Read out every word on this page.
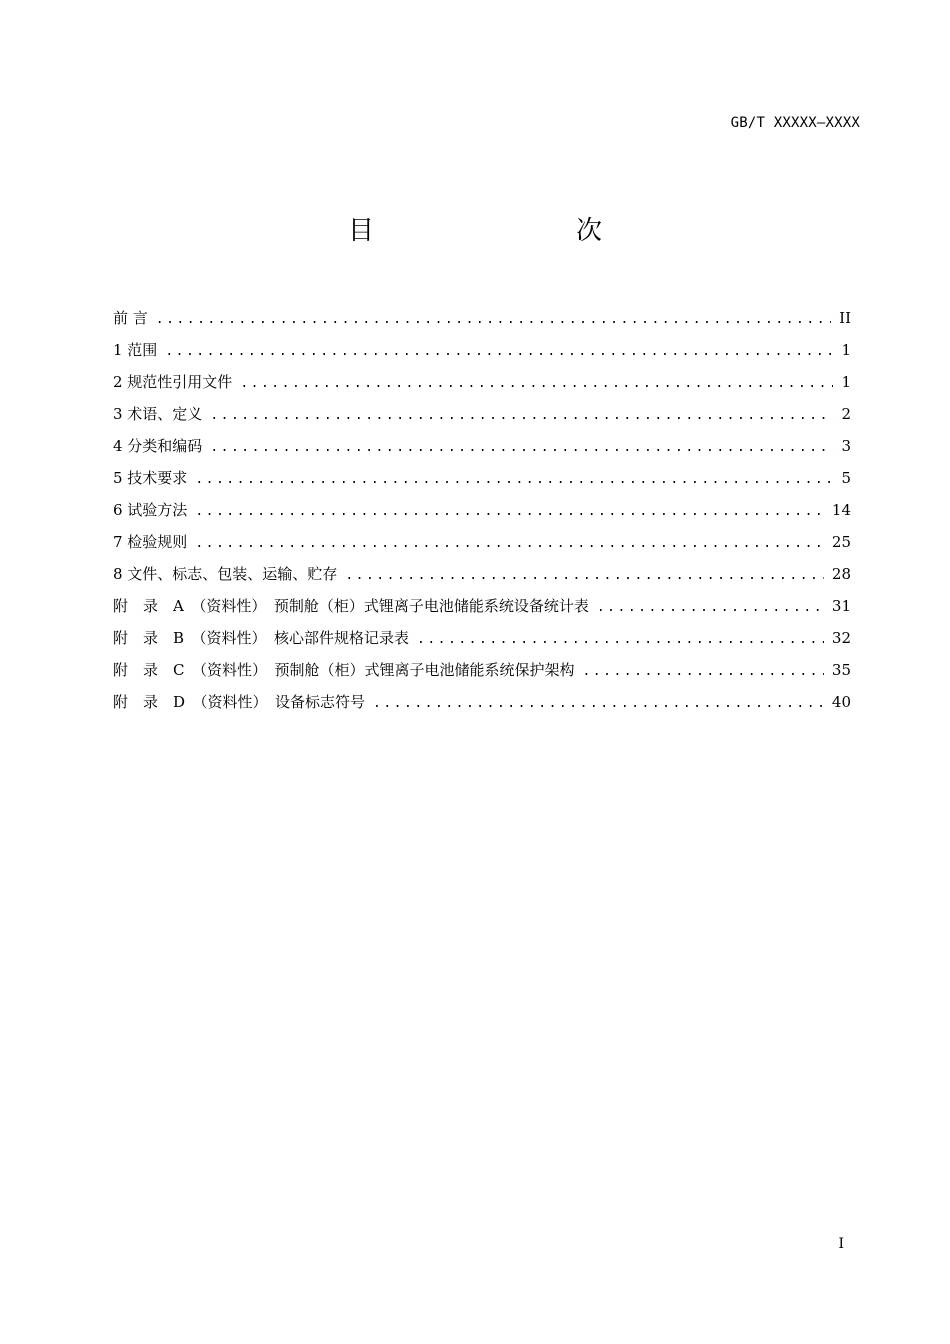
GB/T XXXXX—XXXX
目　　次
前 言 .....	II
1 范围 .....	1
2 规范性引用文件 .....	1
3 术语、定义 .....	2
4 分类和编码 .....	3
5 技术要求 .....	5
6 试验方法 .....	14
7 检验规则 .....	25
8 文件、标志、包装、运输、贮存 .....	28
附　录　A　（资料性）　预制舱（柜）式锂离子电池储能系统设备统计表 .....	31
附　录　B　（资料性）　核心部件规格记录表 .....	32
附　录　C　（资料性）　预制舱（柜）式锂离子电池储能系统保护架构 .....	35
附　录　D　（资料性）　设备标志符号 .....	40
I
